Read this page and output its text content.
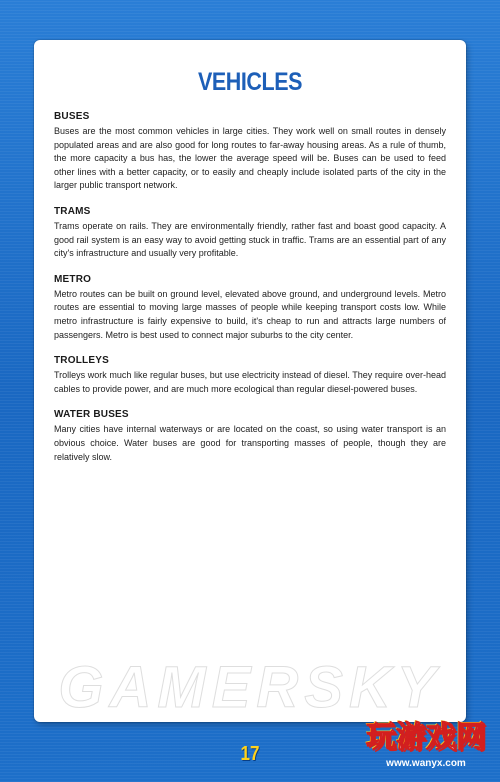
VEHICLES
BUSES

Buses are the most common vehicles in large cities. They work well on small routes in densely populated areas and are also good for long routes to far-away housing areas. As a rule of thumb, the more capacity a bus has, the lower the average speed will be. Buses can be used to feed other lines with a better capacity, or to easily and cheaply include isolated parts of the city in the larger public transport network.

TRAMS

Trams operate on rails. They are environmentally friendly, rather fast and boast good capacity. A good rail system is an easy way to avoid getting stuck in traffic. Trams are an essential part of any city's infrastructure and usually very profitable.

METRO

Metro routes can be built on ground level, elevated above ground, and underground levels. Metro routes are essential to moving large masses of people while keeping transport costs low. While metro infrastructure is fairly expensive to build, it's cheap to run and attracts large numbers of passengers. Metro is best used to connect major suburbs to the city center.

TROLLEYS

Trolleys work much like regular buses, but use electricity instead of diesel. They require over-head cables to provide power, and are much more ecological than regular diesel-powered buses.

WATER BUSES

Many cities have internal waterways or are located on the coast, so using water transport is an obvious choice. Water buses are good for transporting masses of people, though they are relatively slow.

GAMERSKY
17	玩游戏网
www.wanyx.com
